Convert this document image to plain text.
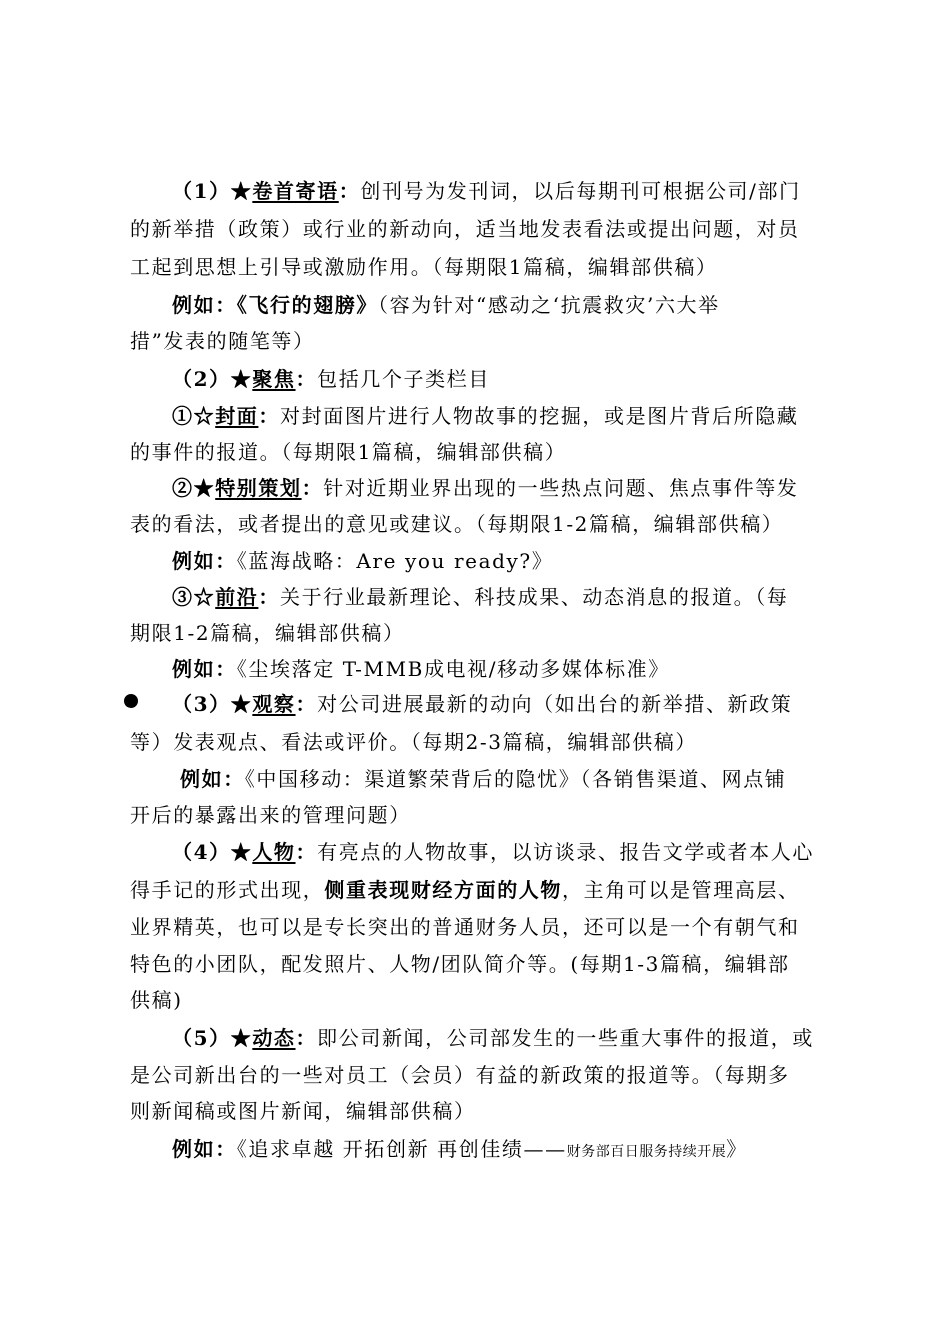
（1）★卷首寄语：创刊号为发刊词，以后每期刊可根据公司/部门
的新举措（政策）或行业的新动向，适当地发表看法或提出问题，对员
工起到思想上引导或激励作用。（每期限1篇稿，编辑部供稿）
例如：《飞行的翅膀》（容为针对“感动之‘抗震救灾’六大举
措”发表的随笔等）
（2）★聚焦：包括几个子类栏目
①☆封面：对封面图片进行人物故事的挖掘，或是图片背后所隐藏
的事件的报道。（每期限1篇稿，编辑部供稿）
②★特别策划：针对近期业界出现的一些热点问题、焦点事件等发
表的看法，或者提出的意见或建议。（每期限1-2篇稿，编辑部供稿）
例如：《蓝海战略：Are you ready?》
③☆前沿：关于行业最新理论、科技成果、动态消息的报道。（每
期限1-2篇稿，编辑部供稿）
例如：《尘埃落定 T-MMB成电视/移动多媒体标准》
（3）★观察：对公司进展最新的动向（如出台的新举措、新政策
等）发表观点、看法或评价。（每期2-3篇稿，编辑部供稿）
例如：《中国移动：渠道繁荣背后的隐忧》（各销售渠道、网点铺
开后的暴露出来的管理问题）
（4）★人物：有亮点的人物故事，以访谈录、报告文学或者本人心
得手记的形式出现，侧重表现财经方面的人物，主角可以是管理高层、
业界精英，也可以是专长突出的普通财务人员，还可以是一个有朝气和
特色的小团队，配发照片、人物/团队简介等。(每期1-3篇稿，编辑部
供稿)
（5）★动态：即公司新闻，公司部发生的一些重大事件的报道，或
是公司新出台的一些对员工（会员）有益的新政策的报道等。（每期多
则新闻稿或图片新闻，编辑部供稿）
例如：《追求卓越 开拓创新 再创佳绩——财务部百日服务持续开展》
